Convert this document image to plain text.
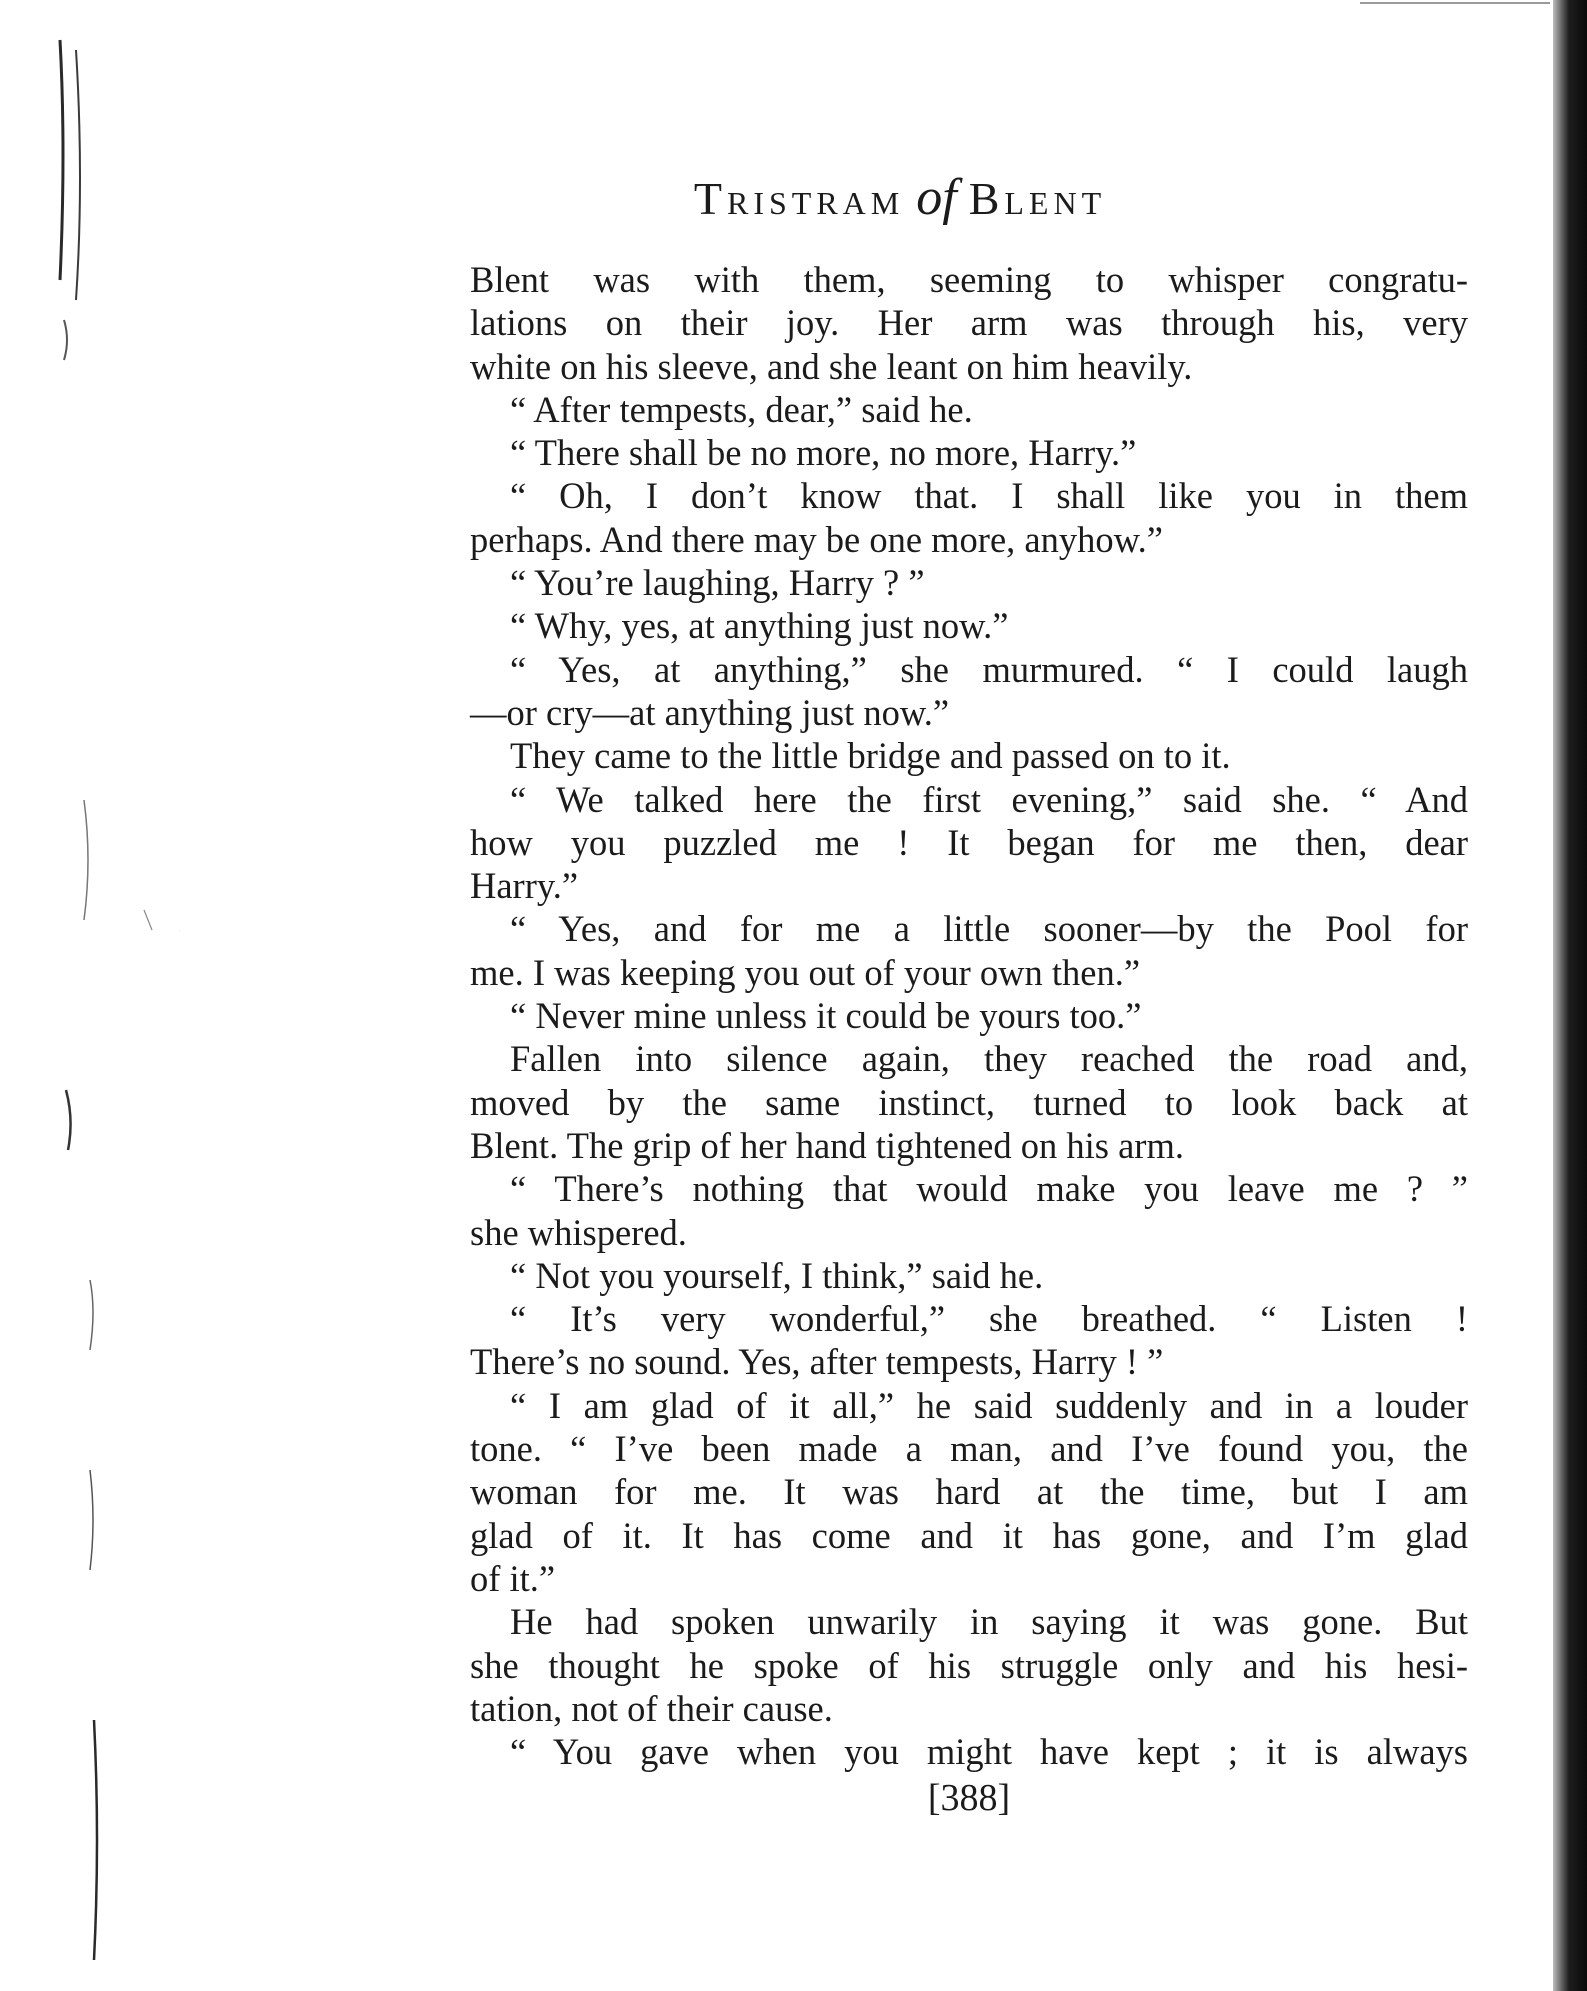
Tristram of Blent
Blent was with them, seeming to whisper congratu-
lations on their joy. Her arm was through his, very
white on his sleeve, and she leant on him heavily.
“ After tempests, dear,” said he.
“ There shall be no more, no more, Harry.”
“ Oh, I don’t know that. I shall like you in them
perhaps. And there may be one more, anyhow.”
“ You’re laughing, Harry ? ”
“ Why, yes, at anything just now.”
“ Yes, at anything,” she murmured. “ I could laugh
—or cry—at anything just now.”
They came to the little bridge and passed on to it.
“ We talked here the first evening,” said she. “ And
how you puzzled me ! It began for me then, dear
Harry.”
“ Yes, and for me a little sooner—by the Pool for
me. I was keeping you out of your own then.”
“ Never mine unless it could be yours too.”
Fallen into silence again, they reached the road and,
moved by the same instinct, turned to look back at
Blent. The grip of her hand tightened on his arm.
“ There’s nothing that would make you leave me ? ”
she whispered.
“ Not you yourself, I think,” said he.
“ It’s very wonderful,” she breathed. “ Listen !
There’s no sound. Yes, after tempests, Harry ! ”
“ I am glad of it all,” he said suddenly and in a louder
tone. “ I’ve been made a man, and I’ve found you, the
woman for me. It was hard at the time, but I am
glad of it. It has come and it has gone, and I’m glad
of it.”
He had spoken unwarily in saying it was gone. But
she thought he spoke of his struggle only and his hesi-
tation, not of their cause.
“ You gave when you might have kept ; it is always
[388]
